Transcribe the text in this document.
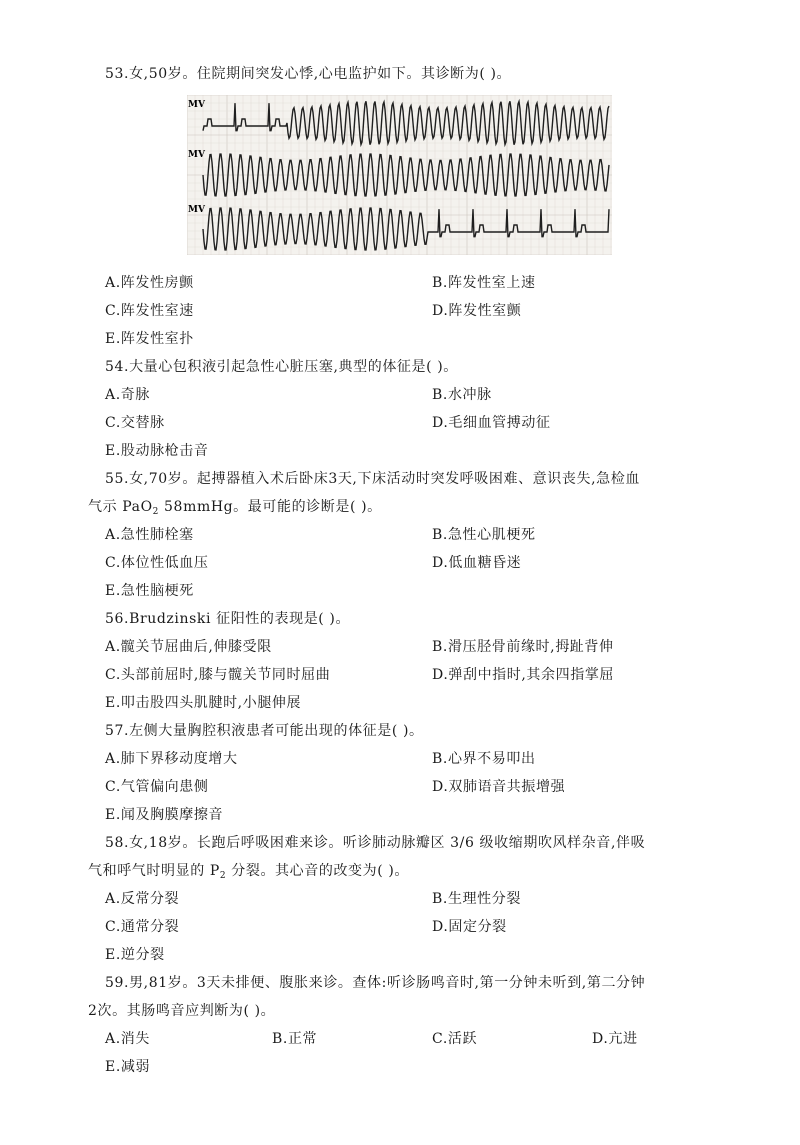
53.女,50岁。住院期间突发心悸,心电监护如下。其诊断为( )。
MV
MV
MV
A.阵发性房颤	B.阵发性室上速
C.阵发性室速	D.阵发性室颤
E.阵发性室扑
54.大量心包积液引起急性心脏压塞,典型的体征是( )。
A.奇脉	B.水冲脉
C.交替脉	D.毛细血管搏动征
E.股动脉枪击音
55.女,70岁。起搏器植入术后卧床3天,下床活动时突发呼吸困难、意识丧失,急检血
气示 PaO$_2$ 58mmHg。最可能的诊断是( )。
A.急性肺栓塞	B.急性心肌梗死
C.体位性低血压	D.低血糖昏迷
E.急性脑梗死
56.Brudzinski 征阳性的表现是( )。
A.髋关节屈曲后,伸膝受限	B.滑压胫骨前缘时,拇趾背伸
C.头部前屈时,膝与髋关节同时屈曲	D.弹刮中指时,其余四指掌屈
E.叩击股四头肌腱时,小腿伸展
57.左侧大量胸腔积液患者可能出现的体征是( )。
A.肺下界移动度增大	B.心界不易叩出
C.气管偏向患侧	D.双肺语音共振增强
E.闻及胸膜摩擦音
58.女,18岁。长跑后呼吸困难来诊。听诊肺动脉瓣区 3/6 级收缩期吹风样杂音,伴吸
气和呼气时明显的 $P_2$ 分裂。其心音的改变为( )。
A.反常分裂	B.生理性分裂
C.通常分裂	D.固定分裂
E.逆分裂
59.男,81岁。3天未排便、腹胀来诊。查体:听诊肠鸣音时,第一分钟未听到,第二分钟
2次。其肠鸣音应判断为( )。
A.消失	B.正常	C.活跃	D.亢进
E.减弱
